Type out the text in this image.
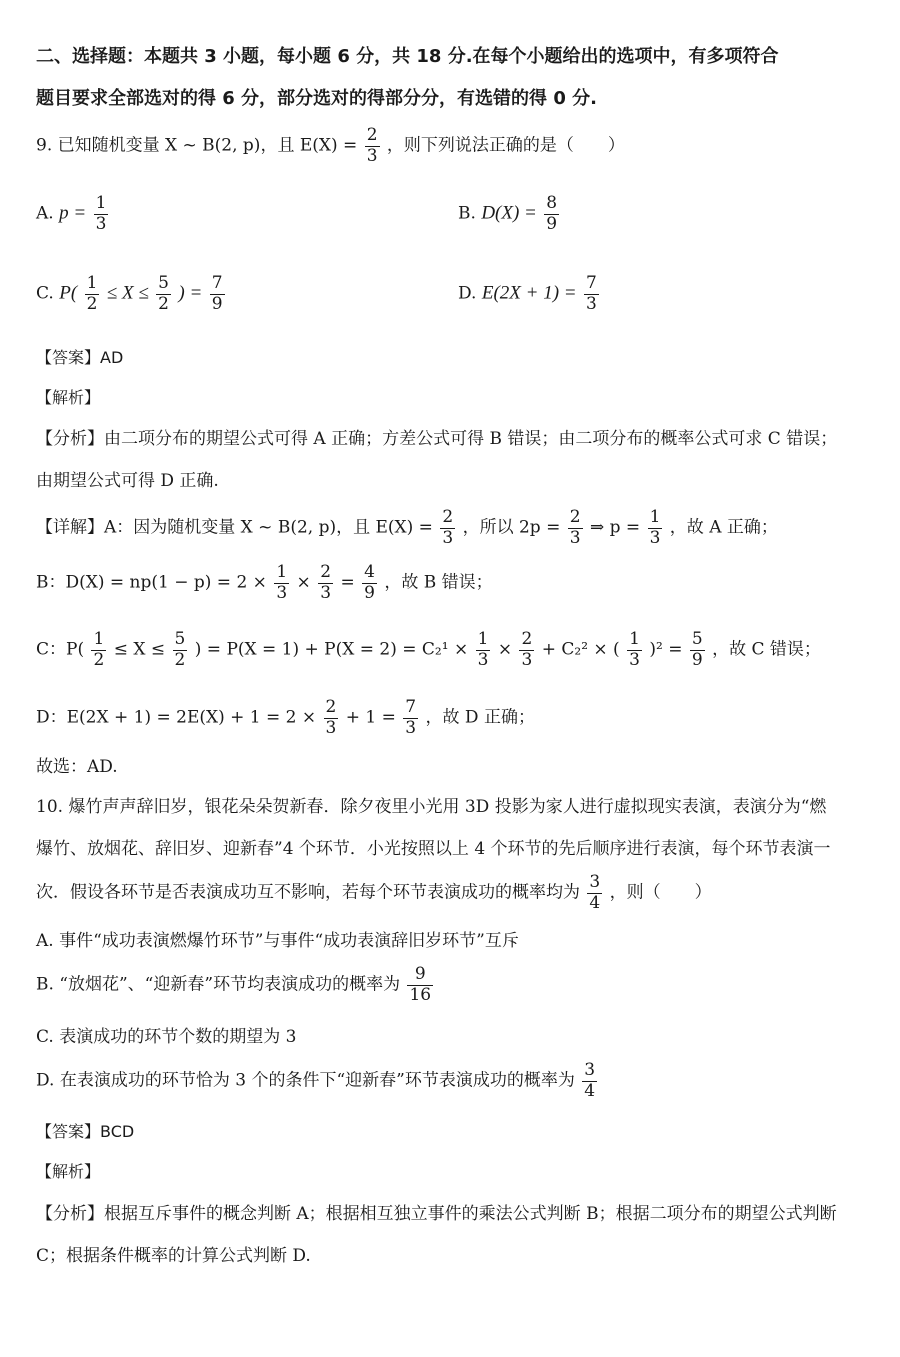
二、选择题：本题共 3 小题，每小题 6 分，共 18 分.在每个小题给出的选项中，有多项符合
题目要求全部选对的得 6 分，部分选对的得部分分，有选错的得 0 分.
9. 已知随机变量 X ~ B(2, p)，且 $E(X) = \frac{2}{3}$ ，则下列说法正确的是（　　）
A. $p = \frac{1}{3}$	B. $D(X) = \frac{8}{9}$
C. $P( \frac{1}{2} \le X \le \frac{5}{2}$ ) = $\frac{7}{9}$	D. $E(2X + 1) = \frac{7}{3}$
【答案】AD
【解析】
【分析】由二项分布的期望公式可得 A 正确；方差公式可得 B 错误；由二项分布的概率公式可求 C 错误；
由期望公式可得 D 正确.
【详解】A：因为随机变量 X ~ B(2, p)，且 $E(X) = \frac{2}{3}$ ，所以 $2p = \frac{2}{3}$ ⇒ $p = \frac{1}{3}$ ，故 A 正确；
B：$D(X) = np(1 - p) = 2 \times \frac{1}{3} \times \frac{2}{3} = \frac{4}{9}$ ，故 B 错误；
C：$P( \frac{1}{2} \le X \le \frac{5}{2}$ ) = $P(X = 1) + P(X = 2) = C_2^1 \times \frac{1}{3} \times \frac{2}{3} + C_2^2$ × ( $\frac{1}{3} )^2 = \frac{5}{9}$ ，故 C 错误；
D：$E(2X + 1) = 2E(X) + 1 = 2 \times \frac{2}{3} + 1 = \frac{7}{3}$ ，故 D 正确；
故选：AD.
10. 爆竹声声辞旧岁，银花朵朵贺新春．除夕夜里小光用 3D 投影为家人进行虚拟现实表演，表演分为“燃
爆竹、放烟花、辞旧岁、迎新春”4 个环节．小光按照以上 4 个环节的先后顺序进行表演，每个环节表演一
次．假设各环节是否表演成功互不影响，若每个环节表演成功的概率均为 $\frac{3}{4}$ ，则（　　）
A. 事件“成功表演燃爆竹环节”与事件“成功表演辞旧岁环节”互斥
B. “放烟花”、“迎新春”环节均表演成功的概率为 $\frac{9}{16}$
C. 表演成功的环节个数的期望为 3
D. 在表演成功的环节恰为 3 个的条件下“迎新春”环节表演成功的概率为 $\frac{3}{4}$
【答案】BCD
【解析】
【分析】根据互斥事件的概念判断 A；根据相互独立事件的乘法公式判断 B；根据二项分布的期望公式判断
C；根据条件概率的计算公式判断 D.
